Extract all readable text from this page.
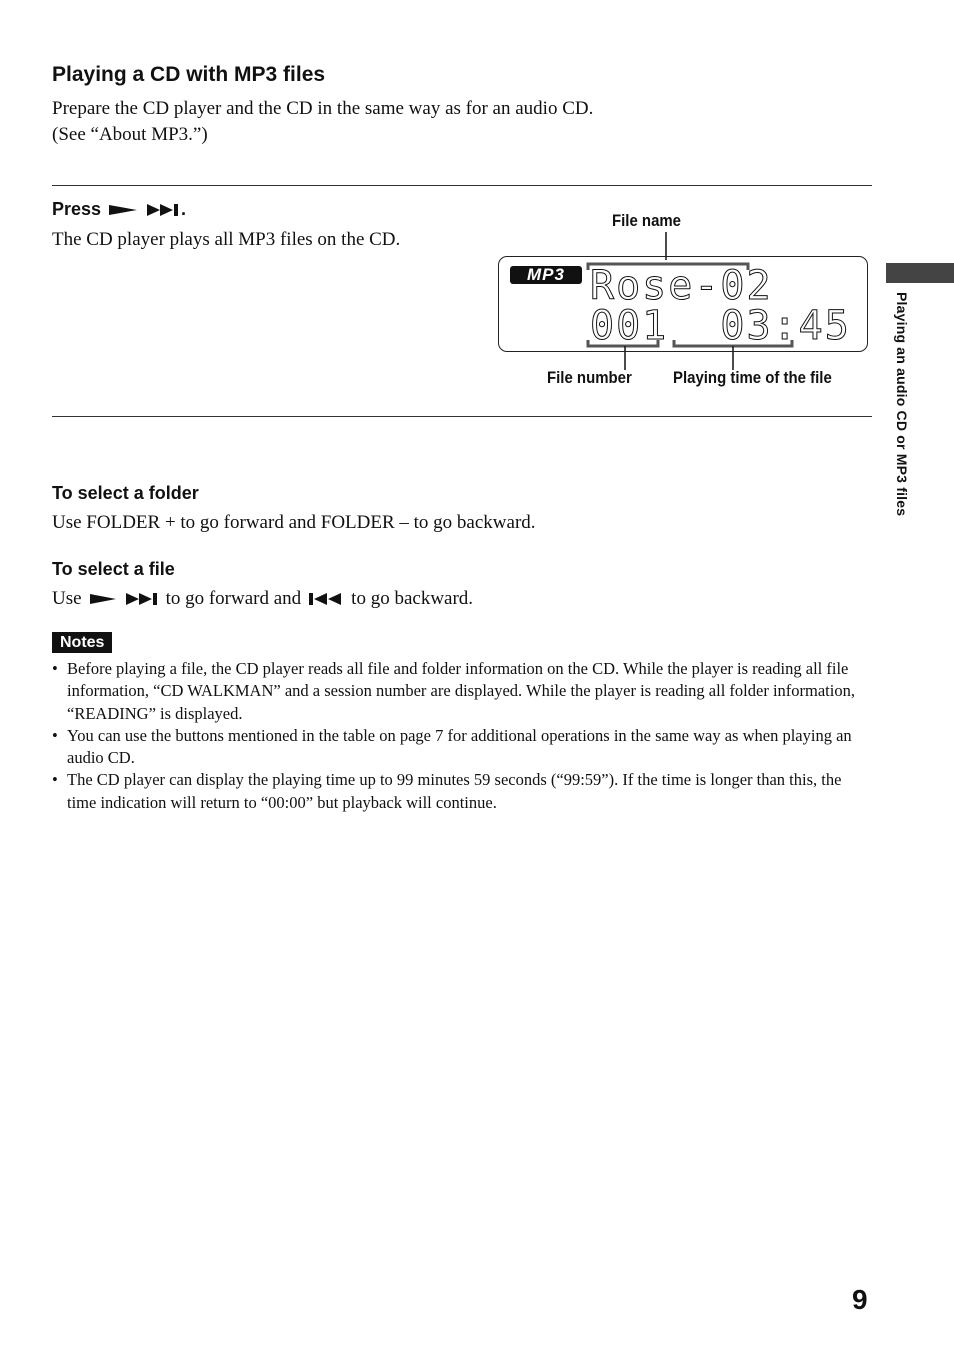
Playing a CD with MP3 files
Prepare the CD player and the CD in the same way as for an audio CD.
(See “About MP3.”)
Press	.
The CD player plays all MP3 files on the CD.
File name
MP3 Rose-02
001  03:45
File number Playing time of the file
To select a folder
Use FOLDER + to go forward and FOLDER – to go backward.
To select a file
Use	to go forward and	to go backward.
Notes
• Before playing a file, the CD player reads all file and folder information on the CD. While the player is reading all file information, “CD WALKMAN” and a session number are displayed. While the player is reading all folder information, “READING” is displayed.
• You can use the buttons mentioned in the table on page 7 for additional operations in the same way as when playing an audio CD.
• The CD player can display the playing time up to 99 minutes 59 seconds (“99:59”). If the time is longer than this, the time indication will return to “00:00” but playback will continue.
Playing an audio CD or MP3 files
9
